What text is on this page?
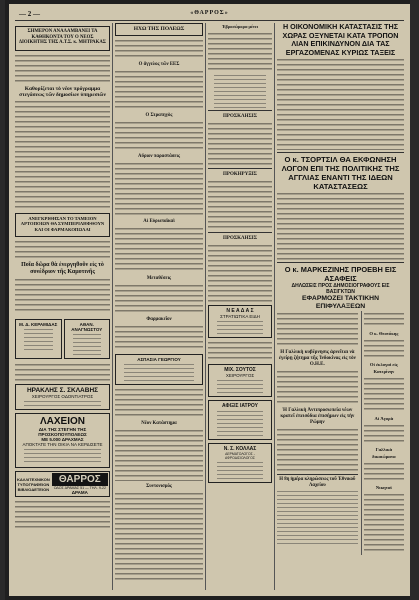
— 2 —	«ΘΑΡΡΟΣ»

ΣΗΜΕΡΟΝ ΑΝΑΛΑΜΒΑΝΕΙ ΤΑ ΚΑΘΗΚΟΝΤΑ ΤΟΥ Ο ΝΕΟΣ ΔΙΟΙΚΗΤΗΣ ΤΗΣ Α.Τ.Σ. κ. ΜΗΤΡΑΚΑΣ

Καθορίζεται τὸ νέον πρόγραμμα στεγάσεως τῶν δημοσίων ὑπηρεσιῶν

ΑΝΕΓΚΡΙΘΗΣΑΝ ΤΟ ΤΑΜΕΙΟΝ ΑΡΤΟΠΟΙΩΝ ΘΑ ΣΥΜΠΕΡΙΛΗΦΘΟΥΝ ΚΑΙ ΟΙ ΦΑΡΜΑΚΟΠΩΛΑΙ

Ποῖα δῶρα θὰ ἐνεργηθοῦν εἰς τὸ συνέδριον τῆς Καμοτινῆς

Μ. Δ. ΚΕΡΑΜΙΔΑΣ	ΑΘΑΝ. ΑΝΑΓΝΩΣΤΟΥ
ΗΡΑΚΛΗΣ Σ. ΣΚΛΑΒΗΣ
ΧΕΙΡΟΥΡΓΟΣ ΟΔΟΝΤΙΑΤΡΟΣ
ΛΑΧΕΙΟΝ
ΔΙΑ ΤΗΣ ΣΤΕΓΗΝ ΤΗΣ ΠΡΟΣΚΟΠΟΥΠΟΛΕΩΣ
ΜΕ 5.000 ΔΡΑΧΜΑΣ
ΑΠΟΚΤΑΤΕ ΤΗΝ ΟΙΚΙΑ ΝΑ ΚΕΡΔΙΣΕΤΕ
ΚΑΛΛΙΤΕΧΝΙΚΟΝ
ΤΥΠΟΓΡΑΦΕΙΟΝ
ΒΙΒΛΙΟΔΕΤΕΙΟΝ
ΘΑΡΡΟΣ
ΟΔΟΣ ΔΡΑΜΑΣ 51 — ΤΗΛ. 9-22
ΔΡΑΜΑ

ΗΧΩ ΤΗΣ ΠΟΛΕΩΣ

Ο ἄγγελος τῶν ΕΕΣ

Ο Στρατηγὸς

Αὔριον παραστάσεις

Αἱ Εὐρωπαϊκαὶ

Μεταθέσεις

Φαρμακεῖον

ΑΣΠΑΣΙΑ ΓΕΩΡΓΙΟΥ

Νέον Κατάστημα

Συντονισμός

Ἐβροσώμορα μένει

ΠΡΟΣΚΛΗΣΙΣ

ΠΡΟΚΗΡΥΞΙΣ

ΠΡΟΣΚΛΗΣΙΣ

Ν Ε Α Δ Α Σ
ΣΤΡΑΤΙΩΤΙΚΑ ΕΙΔΗ
ΜΙΧ. ΣΟΥΤΟΣ
ΧΕΙΡΟΥΡΓΟΣ
ΑΦΙΞΙΣ ΙΑΤΡΟΥ
Ν. Σ. ΚΟΛΛΑΣ
ΔΕΡΜΑΤΟΛΟΓΟΣ - ΑΦΡΟΔΙΣΙΟΛΟΓΟΣ

Η ΟΙΚΟΝΟΜΙΚΗ ΚΑΤΑΣΤΑΣΙΣ ΤΗΣ ΧΩΡΑΣ ΟΞΥΝΕΤΑΙ ΚΑΤΑ ΤΡΟΠΟΝ ΛΙΑΝ ΕΠΙΚΙΝΔΥΝΟΝ ΔΙΑ ΤΑΣ ΕΡΓΑΖΟΜΕΝΑΣ ΚΥΡΙΩΣ ΤΑΞΕΙΣ

Ο κ. ΤΣΟΡΤΣΙΛ ΘΑ ΕΚΦΩΝΗΣΗ ΛΟΓΟΝ ΕΠΙ ΤΗΣ ΠΟΛΙΤΙΚΗΣ ΤΗΣ ΑΓΓΛΙΑΣ ΕΝΑΝΤΙ ΤΗΣ ΙΔΕΩΝ ΚΑΤΑΣΤΑΣΕΩΣ

Ο κ. ΜΑΡΚΕΖΙΝΗΣ ΠΡΟΕΒΗ ΕΙΣ ΑΣΑΦΕΙΣ

ΔΗΛΩΣΕΙΣ ΠΡΟΣ ΔΗΜΟΣΙΟΓΡΑΦΟΥΣ ΕΙΣ ΒΑΣΙΓΚΤΩΝ

ΕΦΑΡΜΟΖΕΙ ΤΑΚΤΙΚΗΝ ΕΠΙΦΥΛΑΞΕΩΝ

Η Γαλλικὴ κυβέρνησις ἀρνεῖται νὰ ἐγείρῃ ζήτημα τῆς Ἰνδοκίνας εἰς τὸν Ο.Η.Ε.

Ἡ Γαλλικὴ Ἀντιπροσωπεία νέων κρατεῖ ἐπεισόδια ἐπισήμων εἰς τὴν Ρώμην

Η 8η ἡμέρα κληρώσεως τοῦ Ἐθνικοῦ Λαχείου

Ο κ. Θεοτόκης

Οἱ ἐκλογαὶ εἰς Κατερίνην

Αἱ Ἀγορὰ

Γαλλικὰ δικαιώματα

Νικηταὶ
